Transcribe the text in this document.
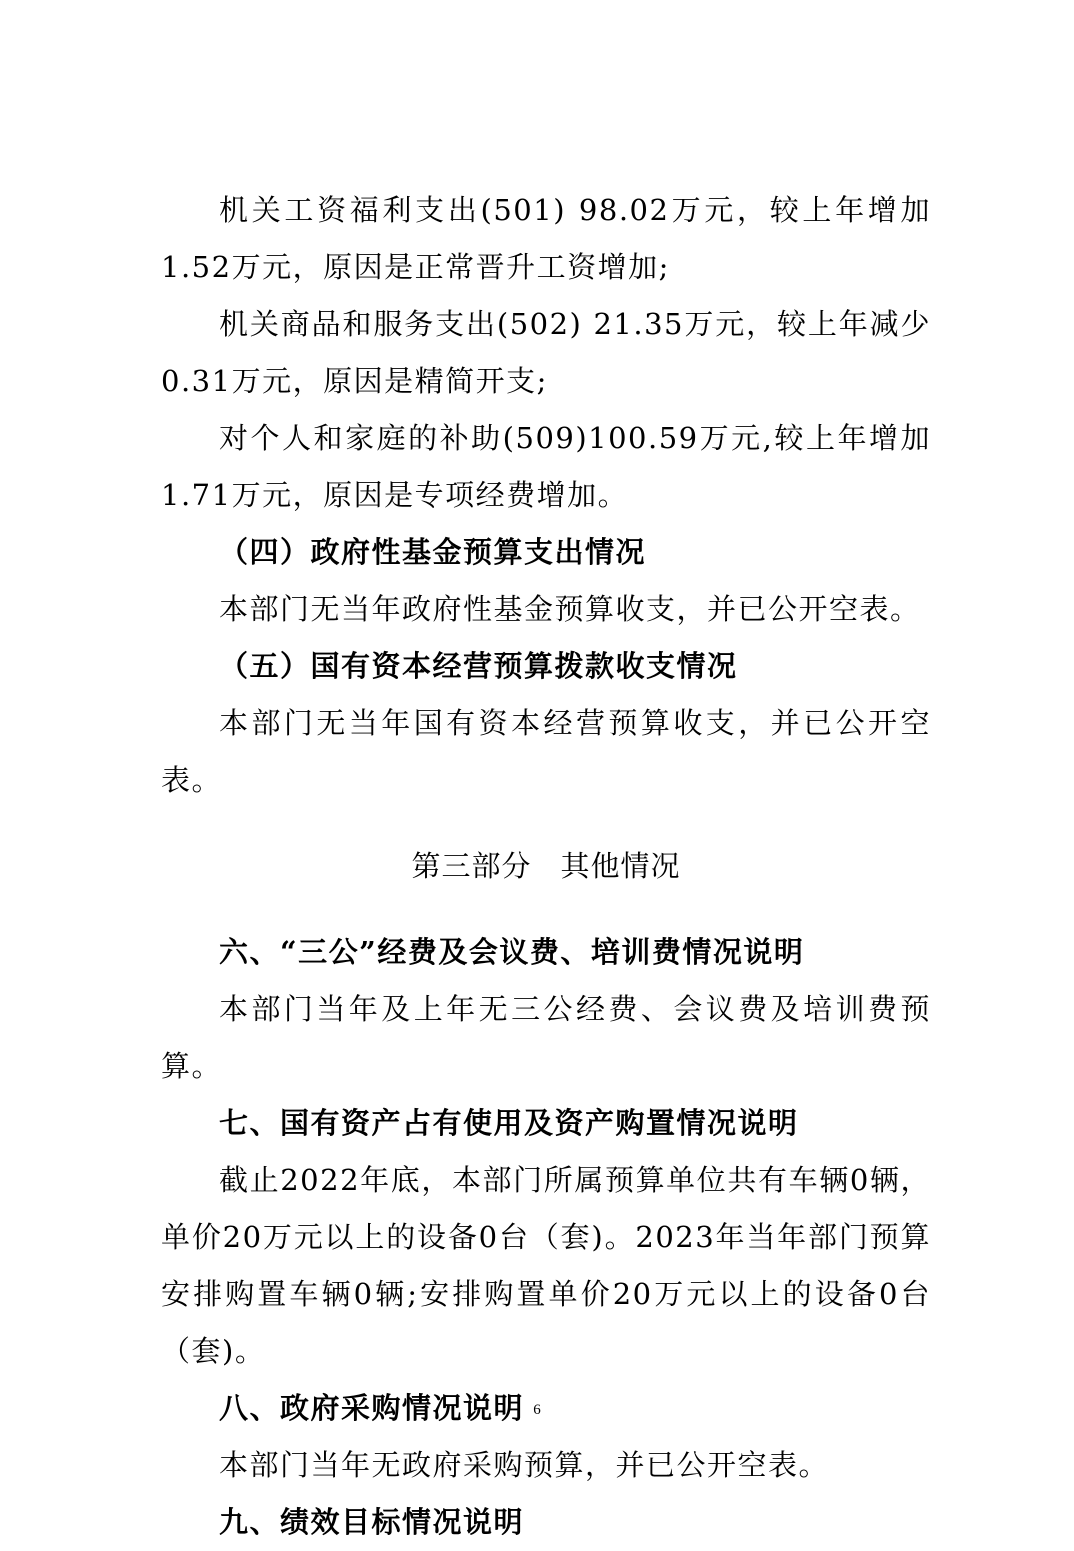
机关工资福利支出(501) 98.02万元，较上年增加1.52万元，原因是正常晋升工资增加;

机关商品和服务支出(502) 21.35万元，较上年减少0.31万元，原因是精简开支;

对个人和家庭的补助(509)100.59万元,较上年增加1.71万元，原因是专项经费增加。

（四）政府性基金预算支出情况

本部门无当年政府性基金预算收支，并已公开空表。

（五）国有资本经营预算拨款收支情况

本部门无当年国有资本经营预算收支，并已公开空表。

第三部分 其他情况

六、“三公”经费及会议费、培训费情况说明

本部门当年及上年无三公经费、会议费及培训费预算。

七、国有资产占有使用及资产购置情况说明

截止2022年底，本部门所属预算单位共有车辆0辆，单价20万元以上的设备0台（套)。2023年当年部门预算安排购置车辆0辆;安排购置单价20万元以上的设备0台（套)。

八、政府采购情况说明

本部门当年无政府采购预算，并已公开空表。

九、绩效目标情况说明

6
